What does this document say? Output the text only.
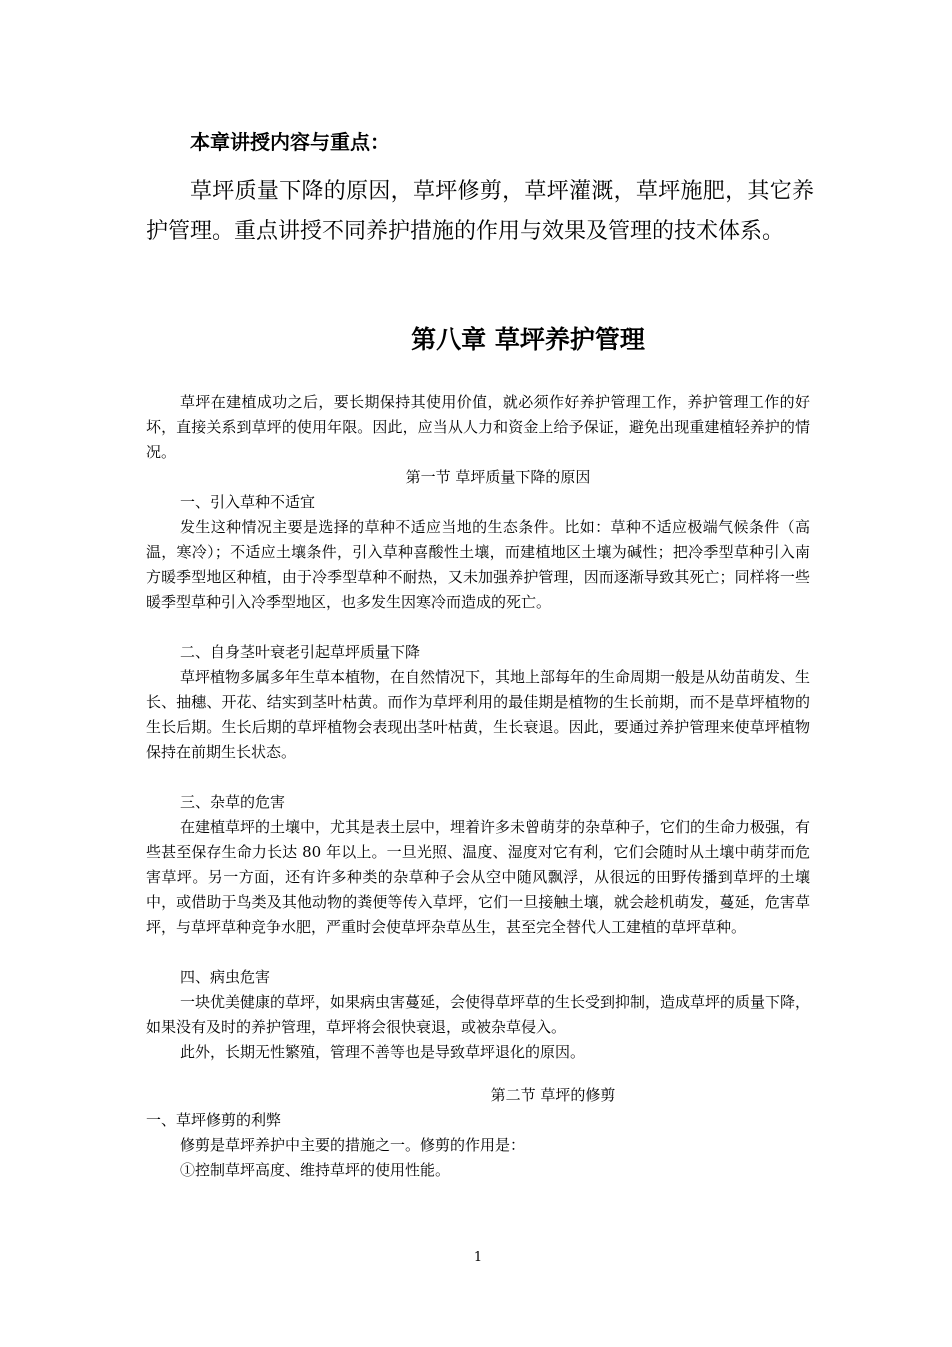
本章讲授内容与重点：

草坪质量下降的原因，草坪修剪，草坪灌溉，草坪施肥，其它养护管理。重点讲授不同养护措施的作用与效果及管理的技术体系。

第八章 草坪养护管理

草坪在建植成功之后，要长期保持其使用价值，就必须作好养护管理工作，养护管理工作的好坏，直接关系到草坪的使用年限。因此，应当从人力和资金上给予保证，避免出现重建植轻养护的情况。

第一节 草坪质量下降的原因

一、引入草种不适宜

发生这种情况主要是选择的草种不适应当地的生态条件。比如：草种不适应极端气候条件（高温，寒冷）；不适应土壤条件，引入草种喜酸性土壤，而建植地区土壤为碱性；把冷季型草种引入南方暖季型地区种植，由于冷季型草种不耐热，又未加强养护管理，因而逐渐导致其死亡；同样将一些暖季型草种引入冷季型地区，也多发生因寒冷而造成的死亡。

二、自身茎叶衰老引起草坪质量下降

草坪植物多属多年生草本植物，在自然情况下，其地上部每年的生命周期一般是从幼苗萌发、生长、抽穗、开花、结实到茎叶枯黄。而作为草坪利用的最佳期是植物的生长前期，而不是草坪植物的生长后期。生长后期的草坪植物会表现出茎叶枯黄，生长衰退。因此，要通过养护管理来使草坪植物保持在前期生长状态。

三、杂草的危害

在建植草坪的土壤中，尤其是表土层中，埋着许多未曾萌芽的杂草种子，它们的生命力极强，有些甚至保存生命力长达 80 年以上。一旦光照、温度、湿度对它有利，它们会随时从土壤中萌芽而危害草坪。另一方面，还有许多种类的杂草种子会从空中随风飘浮，从很远的田野传播到草坪的土壤中，或借助于鸟类及其他动物的粪便等传入草坪，它们一旦接触土壤，就会趁机萌发，蔓延，危害草坪，与草坪草种竞争水肥，严重时会使草坪杂草丛生，甚至完全替代人工建植的草坪草种。

四、病虫危害

一块优美健康的草坪，如果病虫害蔓延，会使得草坪草的生长受到抑制，造成草坪的质量下降，如果没有及时的养护管理，草坪将会很快衰退，或被杂草侵入。

此外，长期无性繁殖，管理不善等也是导致草坪退化的原因。

第二节 草坪的修剪

一、草坪修剪的利弊

修剪是草坪养护中主要的措施之一。修剪的作用是：

①控制草坪高度、维持草坪的使用性能。

1
